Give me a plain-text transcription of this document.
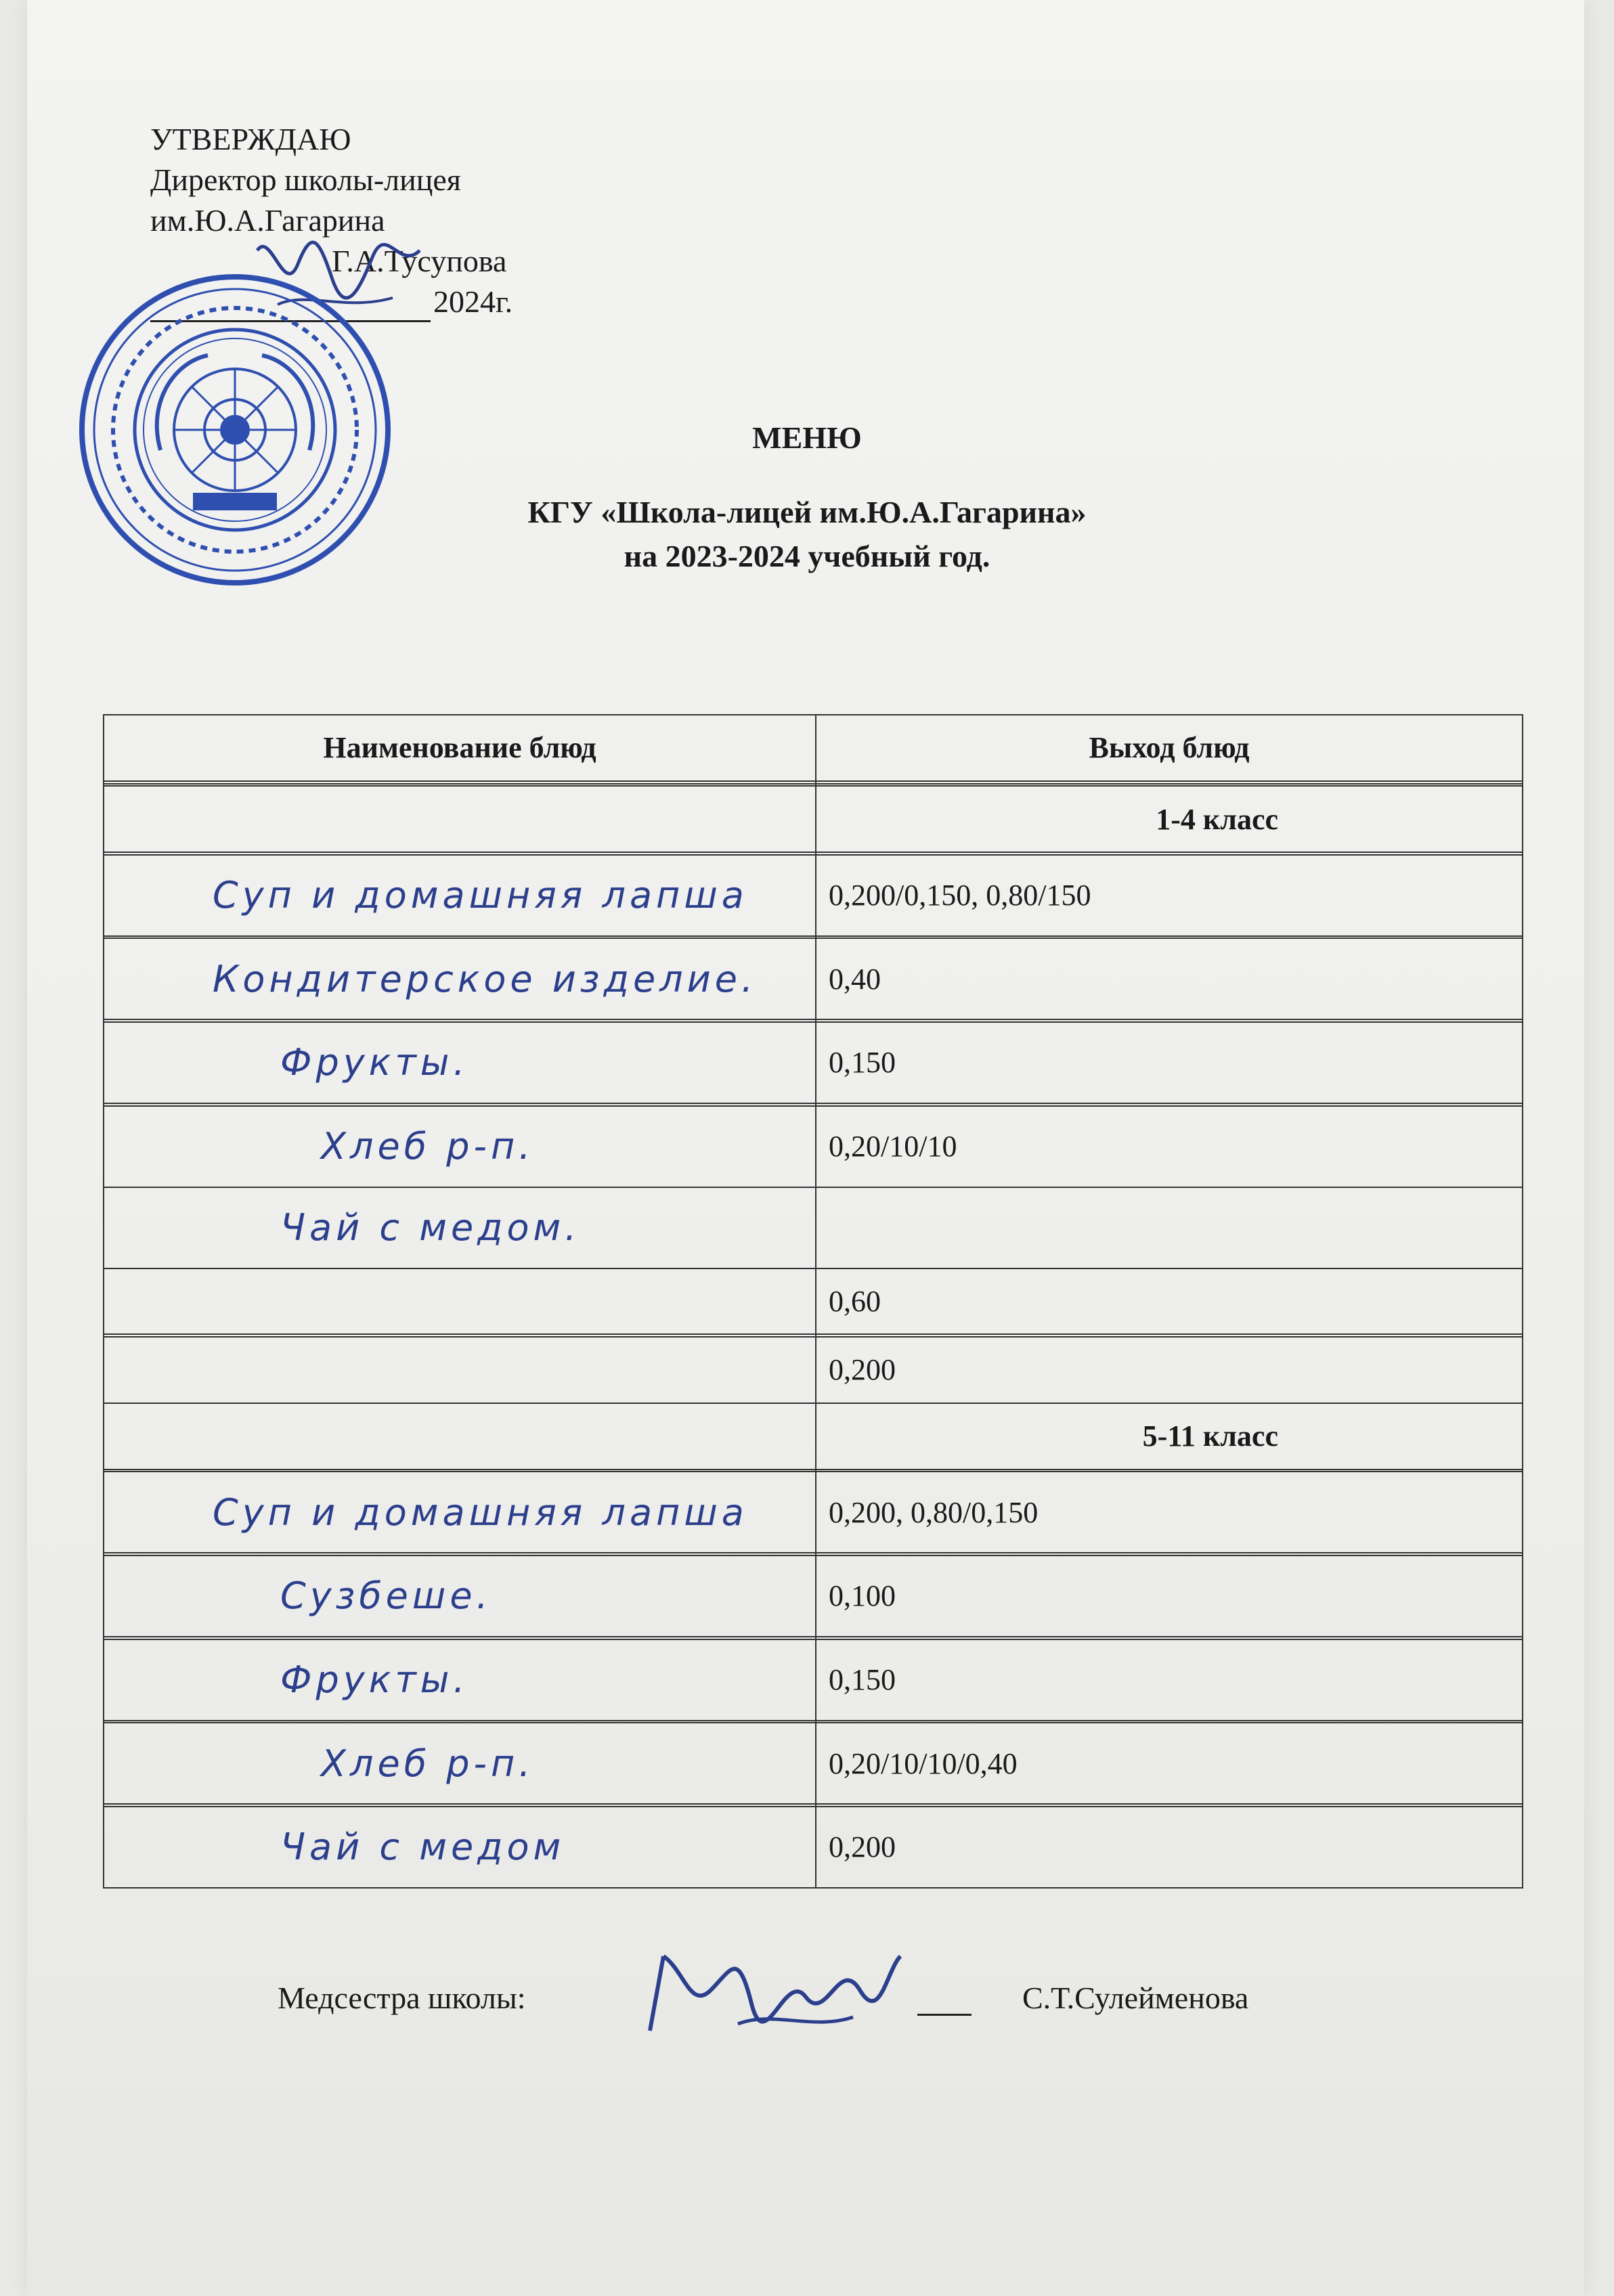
УТВЕРЖДАЮ
Директор школы-лицея
им.Ю.А.Гагарина
Г.А.Тусупова
2024г.
МЕНЮ
КГУ «Школа-лицей им.Ю.А.Гагарина»
на 2023-2024 учебный год.
Наименование блюд	Выход блюд

	1-4 класс

Суп и домашняя лапша	0,200/0,150, 0,80/150

Кондитерское изделие.	0,40

Фрукты.	0,150

Хлеб р-п.	0,20/10/10
Чай с медом.	
	0,60

	0,200
	5-11 класс

Суп и домашняя лапша	0,200, 0,80/0,150

Сузбеше.	0,100

Фрукты.	0,150

Хлеб р-п.	0,20/10/10/0,40

Чай с медом	0,200
Медсестра школы:	С.Т.Сулейменова
